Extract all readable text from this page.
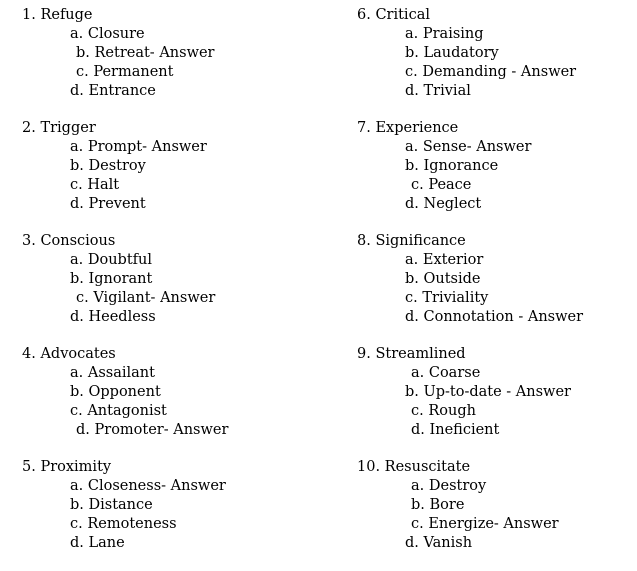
1. Refuge
a. Closure
b. Retreat- Answer
c. Permanent
d. Entrance
2. Trigger
a. Prompt- Answer
b. Destroy
c. Halt
d. Prevent
3. Conscious
a. Doubtful
b. Ignorant
c. Vigilant- Answer
d. Heedless
4. Advocates
a. Assailant
b. Opponent
c. Antagonist
d. Promoter- Answer
5. Proximity
a. Closeness- Answer
b. Distance
c. Remoteness
d. Lane
6. Critical
a. Praising
b. Laudatory
c. Demanding - Answer
d. Trivial
7. Experience
a. Sense- Answer
b. Ignorance
c. Peace
d. Neglect
8. Significance
a. Exterior
b. Outside
c. Triviality
d. Connotation - Answer
9. Streamlined
a. Coarse
b. Up-to-date - Answer
c. Rough
d. Ineficient
10. Resuscitate
a. Destroy
b. Bore
c. Energize- Answer
d. Vanish
